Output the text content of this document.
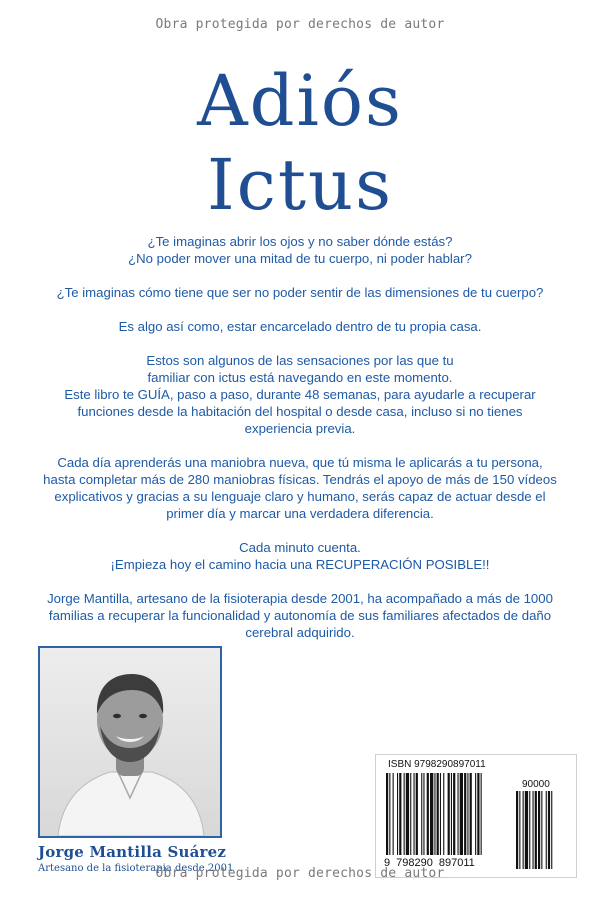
Obra protegida por derechos de autor
Adiós
Ictus

¿Te imaginas abrir los ojos y no saber dónde estás?
¿No poder mover una mitad de tu cuerpo, ni poder hablar?

¿Te imaginas cómo tiene que ser no poder sentir de las dimensiones de tu cuerpo?

Es algo así como, estar encarcelado dentro de tu propia casa.

Estos son algunos de las sensaciones por las que tu
familiar con ictus está navegando en este momento.
Este libro te GUÍA, paso a paso, durante 48 semanas, para ayudarle a recuperar
funciones desde la habitación del hospital o desde casa, incluso si no tienes
experiencia previa.

Cada día aprenderás una maniobra nueva, que tú misma le aplicarás a tu persona,
hasta completar más de 280 maniobras físicas. Tendrás el apoyo de más de 150 vídeos
explicativos y gracias a su lenguaje claro y humano, serás capaz de actuar desde el
primer día y marcar una verdadera diferencia.

Cada minuto cuenta.
¡Empieza hoy el camino hacia una RECUPERACIÓN POSIBLE!!

Jorge Mantilla, artesano de la fisioterapia desde 2001, ha acompañado a más de 1000
familias a recuperar la funcionalidad y autonomía de sus familiares afectados de daño
cerebral adquirido.

Jorge Mantilla Suárez
Artesano de la fisioterapia desde 2001
ISBN 9798290897011
90000
9 798290 897011
Obra protegida por derechos de autor
